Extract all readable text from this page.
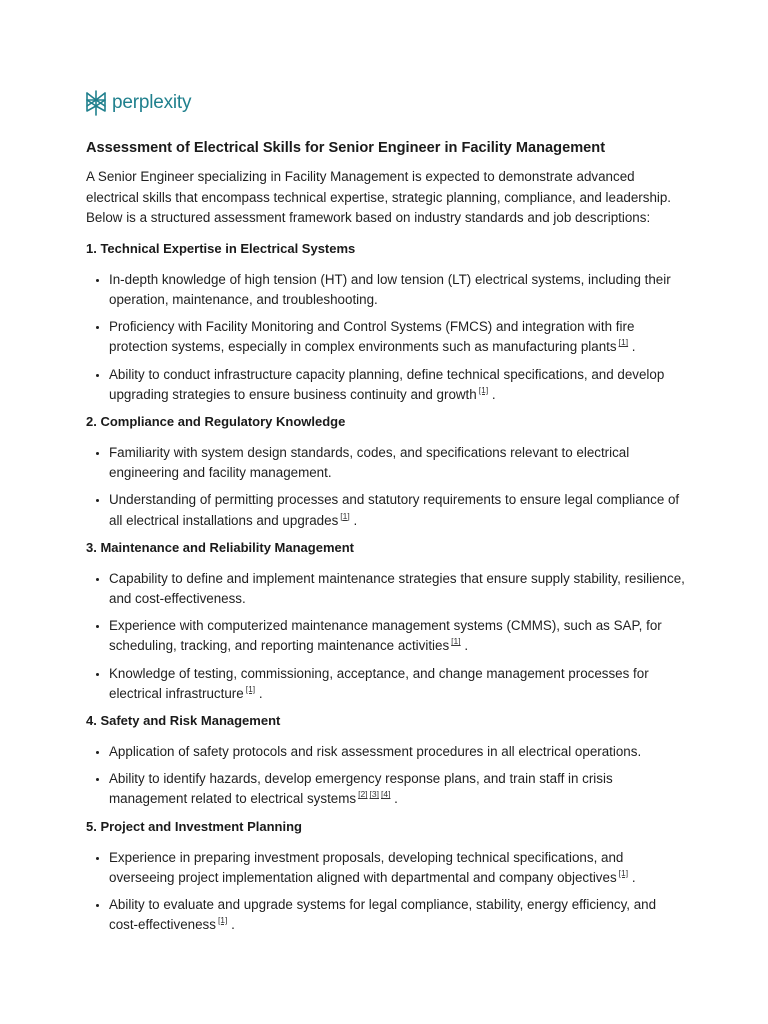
perplexity
Assessment of Electrical Skills for Senior Engineer in Facility Management

A Senior Engineer specializing in Facility Management is expected to demonstrate advanced electrical skills that encompass technical expertise, strategic planning, compliance, and leadership. Below is a structured assessment framework based on industry standards and job descriptions:

1. Technical Expertise in Electrical Systems
• In-depth knowledge of high tension (HT) and low tension (LT) electrical systems, including their operation, maintenance, and troubleshooting.
• Proficiency with Facility Monitoring and Control Systems (FMCS) and integration with fire protection systems, especially in complex environments such as manufacturing plants [1] .
• Ability to conduct infrastructure capacity planning, define technical specifications, and develop upgrading strategies to ensure business continuity and growth [1] .
2. Compliance and Regulatory Knowledge
• Familiarity with system design standards, codes, and specifications relevant to electrical engineering and facility management.
• Understanding of permitting processes and statutory requirements to ensure legal compliance of all electrical installations and upgrades [1] .
3. Maintenance and Reliability Management
• Capability to define and implement maintenance strategies that ensure supply stability, resilience, and cost-effectiveness.
• Experience with computerized maintenance management systems (CMMS), such as SAP, for scheduling, tracking, and reporting maintenance activities [1] .
• Knowledge of testing, commissioning, acceptance, and change management processes for electrical infrastructure [1] .
4. Safety and Risk Management
• Application of safety protocols and risk assessment procedures in all electrical operations.
• Ability to identify hazards, develop emergency response plans, and train staff in crisis management related to electrical systems [2] [3] [4] .
5. Project and Investment Planning
• Experience in preparing investment proposals, developing technical specifications, and overseeing project implementation aligned with departmental and company objectives [1] .
• Ability to evaluate and upgrade systems for legal compliance, stability, energy efficiency, and cost-effectiveness [1] .
